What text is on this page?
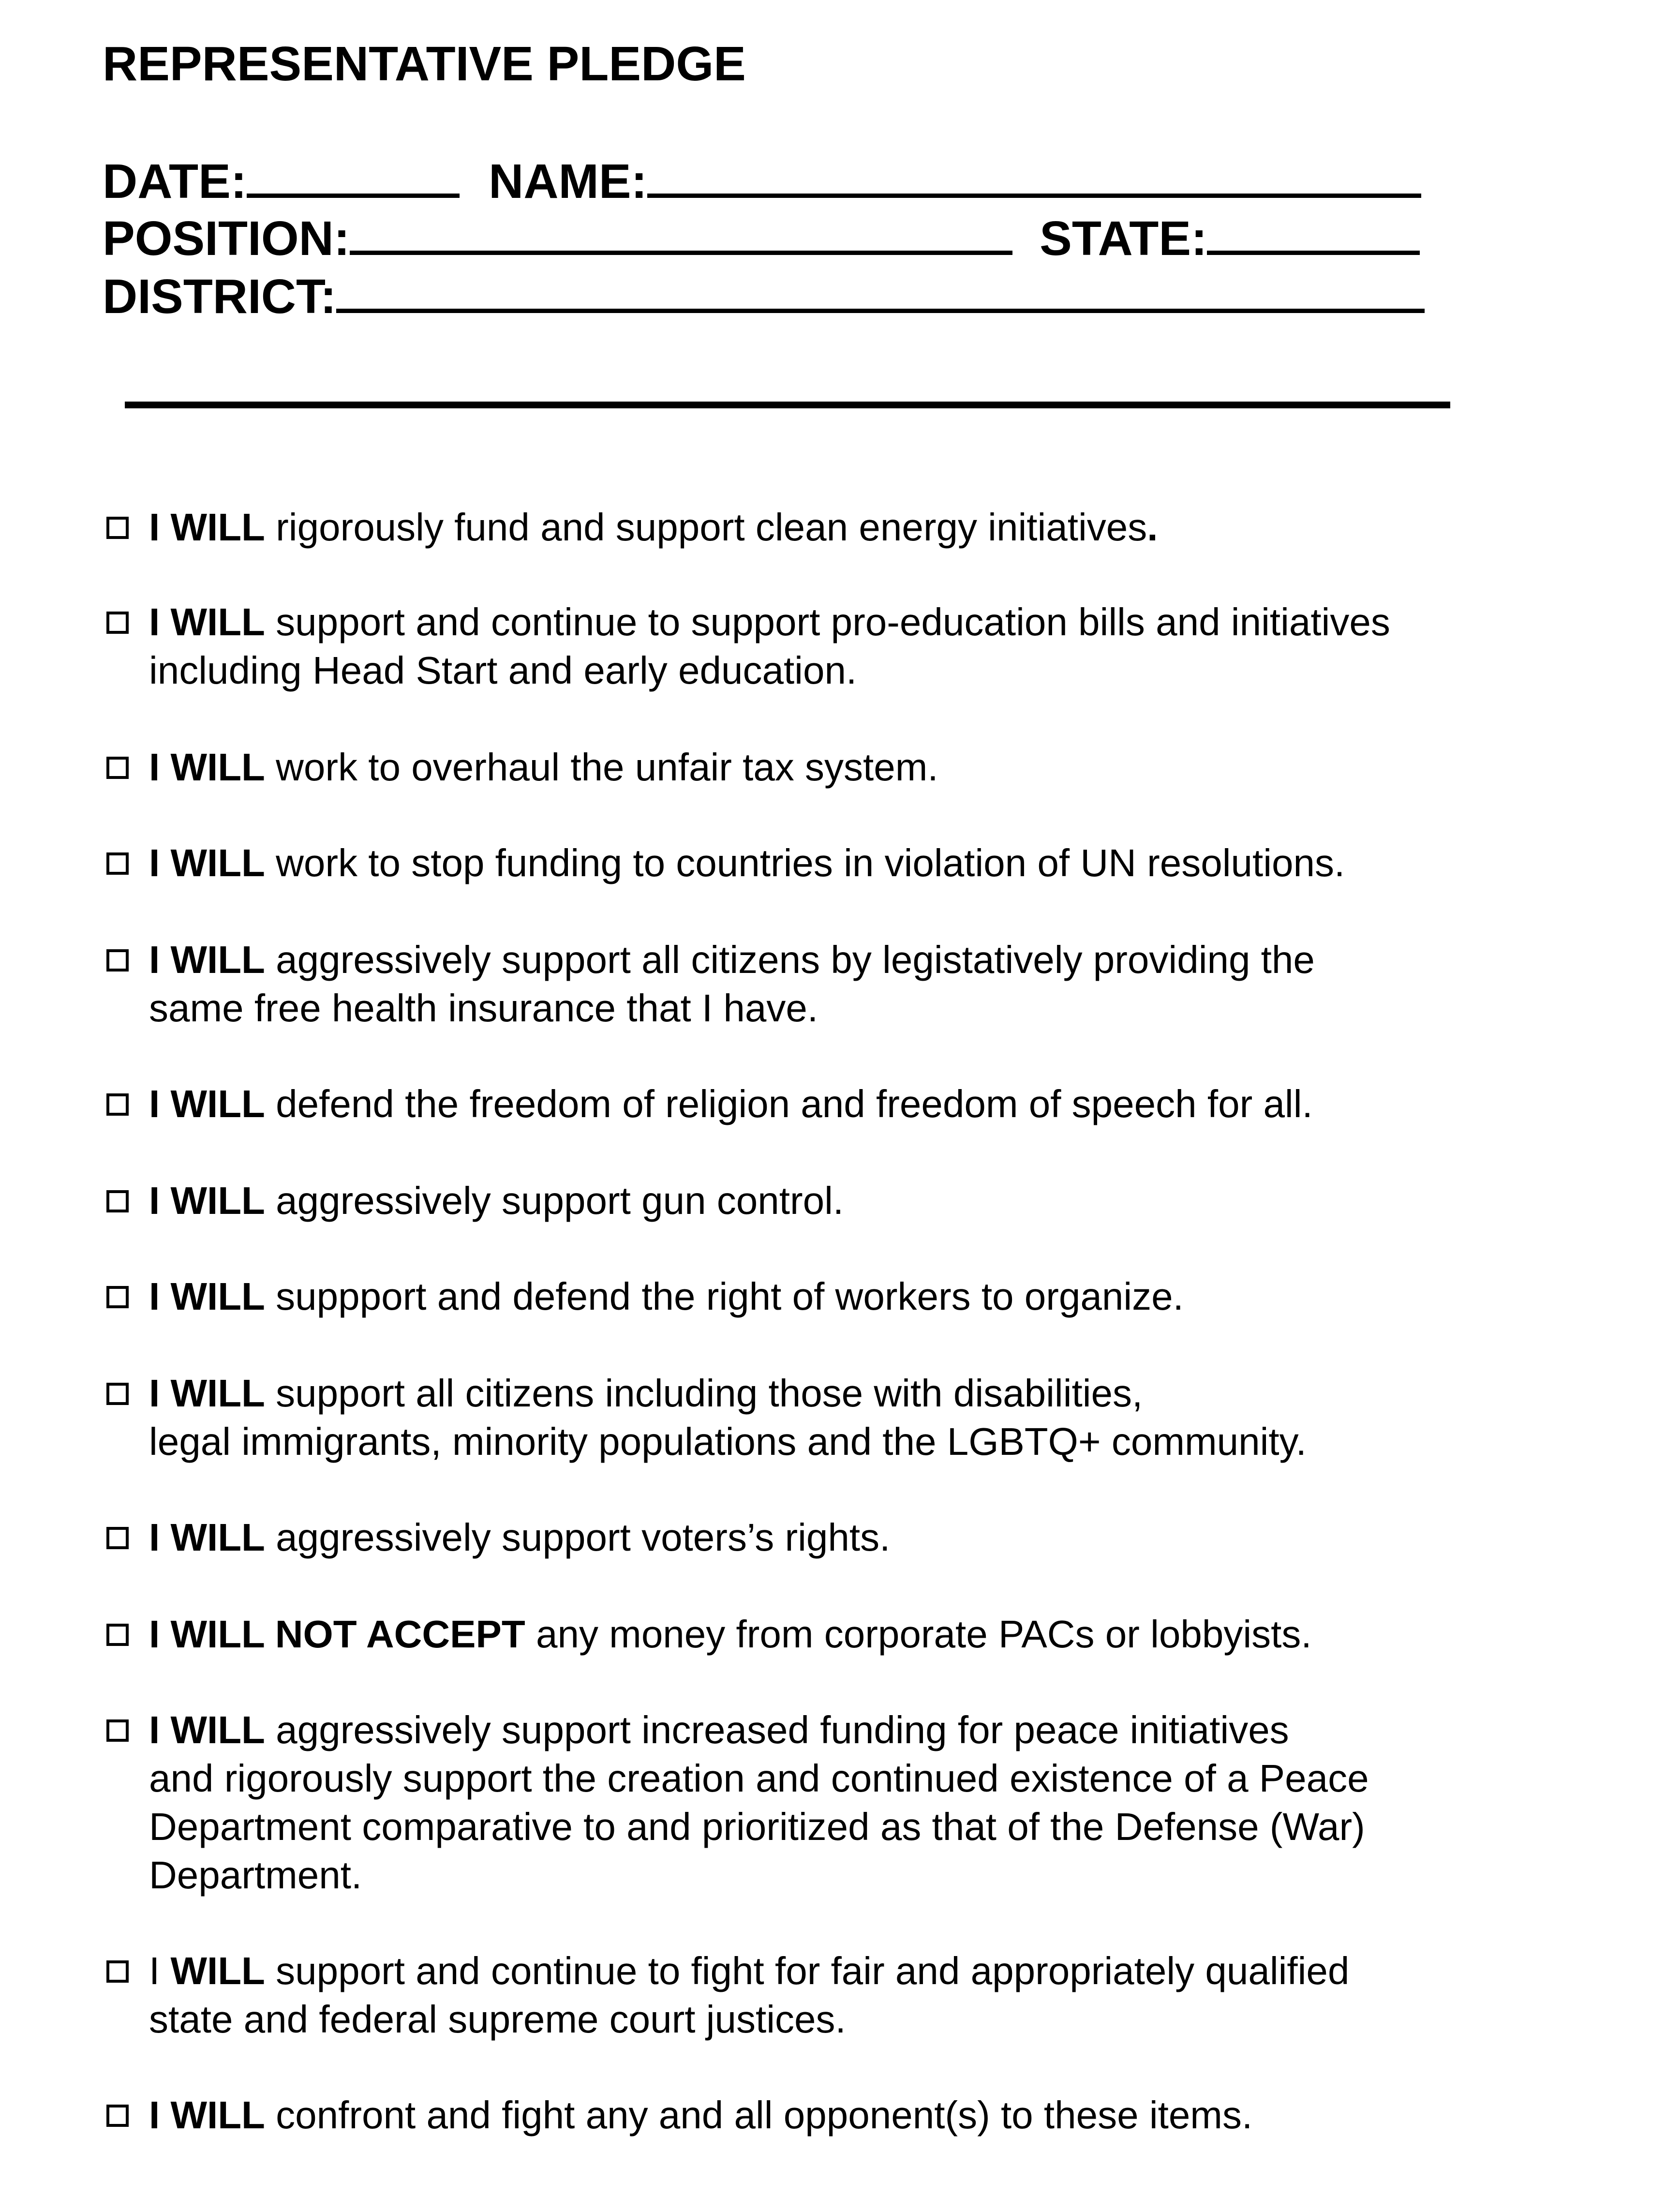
REPRESENTATIVE PLEDGE
DATE:	NAME:
POSITION:	STATE:
DISTRICT:
I WILL rigorously fund and support clean energy initiatives.
I WILL support and continue to support pro-education bills and initiatives
including Head Start and early education.
I WILL work to overhaul the unfair tax system.
I WILL work to stop funding to countries in violation of UN resolutions.
I WILL aggressively support all citizens by legistatively providing the
same free health insurance that I have.
I WILL defend the freedom of religion and freedom of speech for all.
I WILL aggressively support gun control.
I WILL suppport and defend the right of workers to organize.
I WILL support all citizens including those with disabilities,
legal immigrants, minority populations and the LGBTQ+ community.
I WILL aggressively support voters’s rights.
I WILL NOT ACCEPT any money from corporate PACs or lobbyists.
I WILL aggressively support increased funding for peace initiatives
and rigorously support the creation and continued existence of a Peace
Department comparative to and prioritized as that of the Defense (War)
Department.
I WILL support and continue to fight for fair and appropriately qualified
state and federal supreme court justices.
I WILL confront and fight any and all opponent(s) to these items.
